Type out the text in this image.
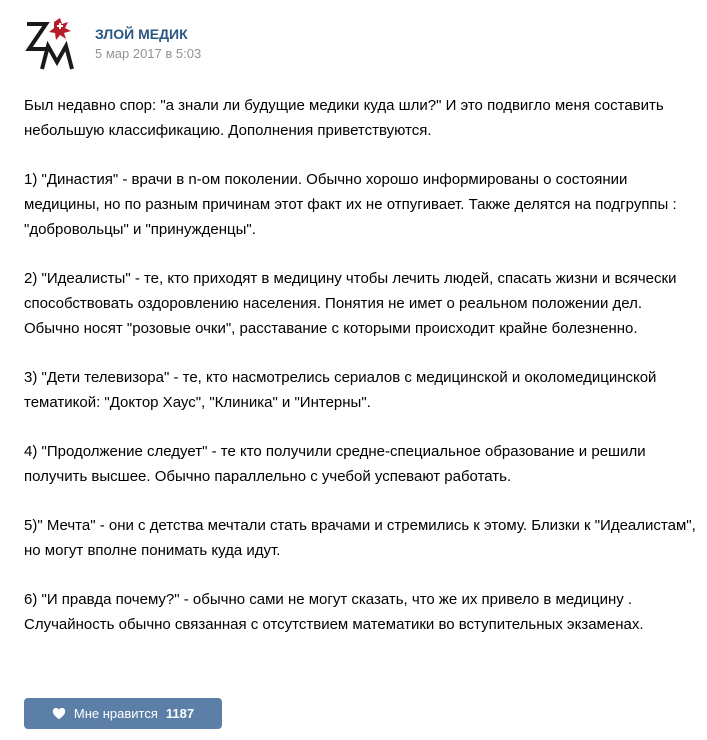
ЗЛОЙ МЕДИК
5 мар 2017 в 5:03

Был недавно спор: "а знали ли будущие медики куда шли?" И это подвигло меня составить небольшую классификацию. Дополнения приветствуются.

1) "Династия" - врачи в n-ом поколении. Обычно хорошо информированы о состоянии медицины, но по разным причинам этот факт их не отпугивает. Также делятся на подгруппы : "добровольцы" и "принужденцы".

2) "Идеалисты" - те, кто приходят в медицину чтобы лечить людей, спасать жизни и всячески способствовать оздоровлению населения. Понятия не имет о реальном положении дел. Обычно носят "розовые очки", расставание с которыми происходит крайне болезненно.

3) "Дети телевизора" - те, кто насмотрелись сериалов с медицинской и околомедицинской тематикой: "Доктор Хаус", "Клиника" и "Интерны".

4) "Продолжение следует" - те кто получили средне-специальное образование и решили получить высшее. Обычно параллельно с учебой успевают работать.

5)" Мечта" - они с детства мечтали стать врачами и стремились к этому. Близки к "Идеалистам", но могут вполне понимать куда идут.

6) "И правда почему?" - обычно сами не могут сказать, что же их привело в медицину . Случайность обычно связанная с отсутствием математики во вступительных экзаменах.

Мне нравится 1187
